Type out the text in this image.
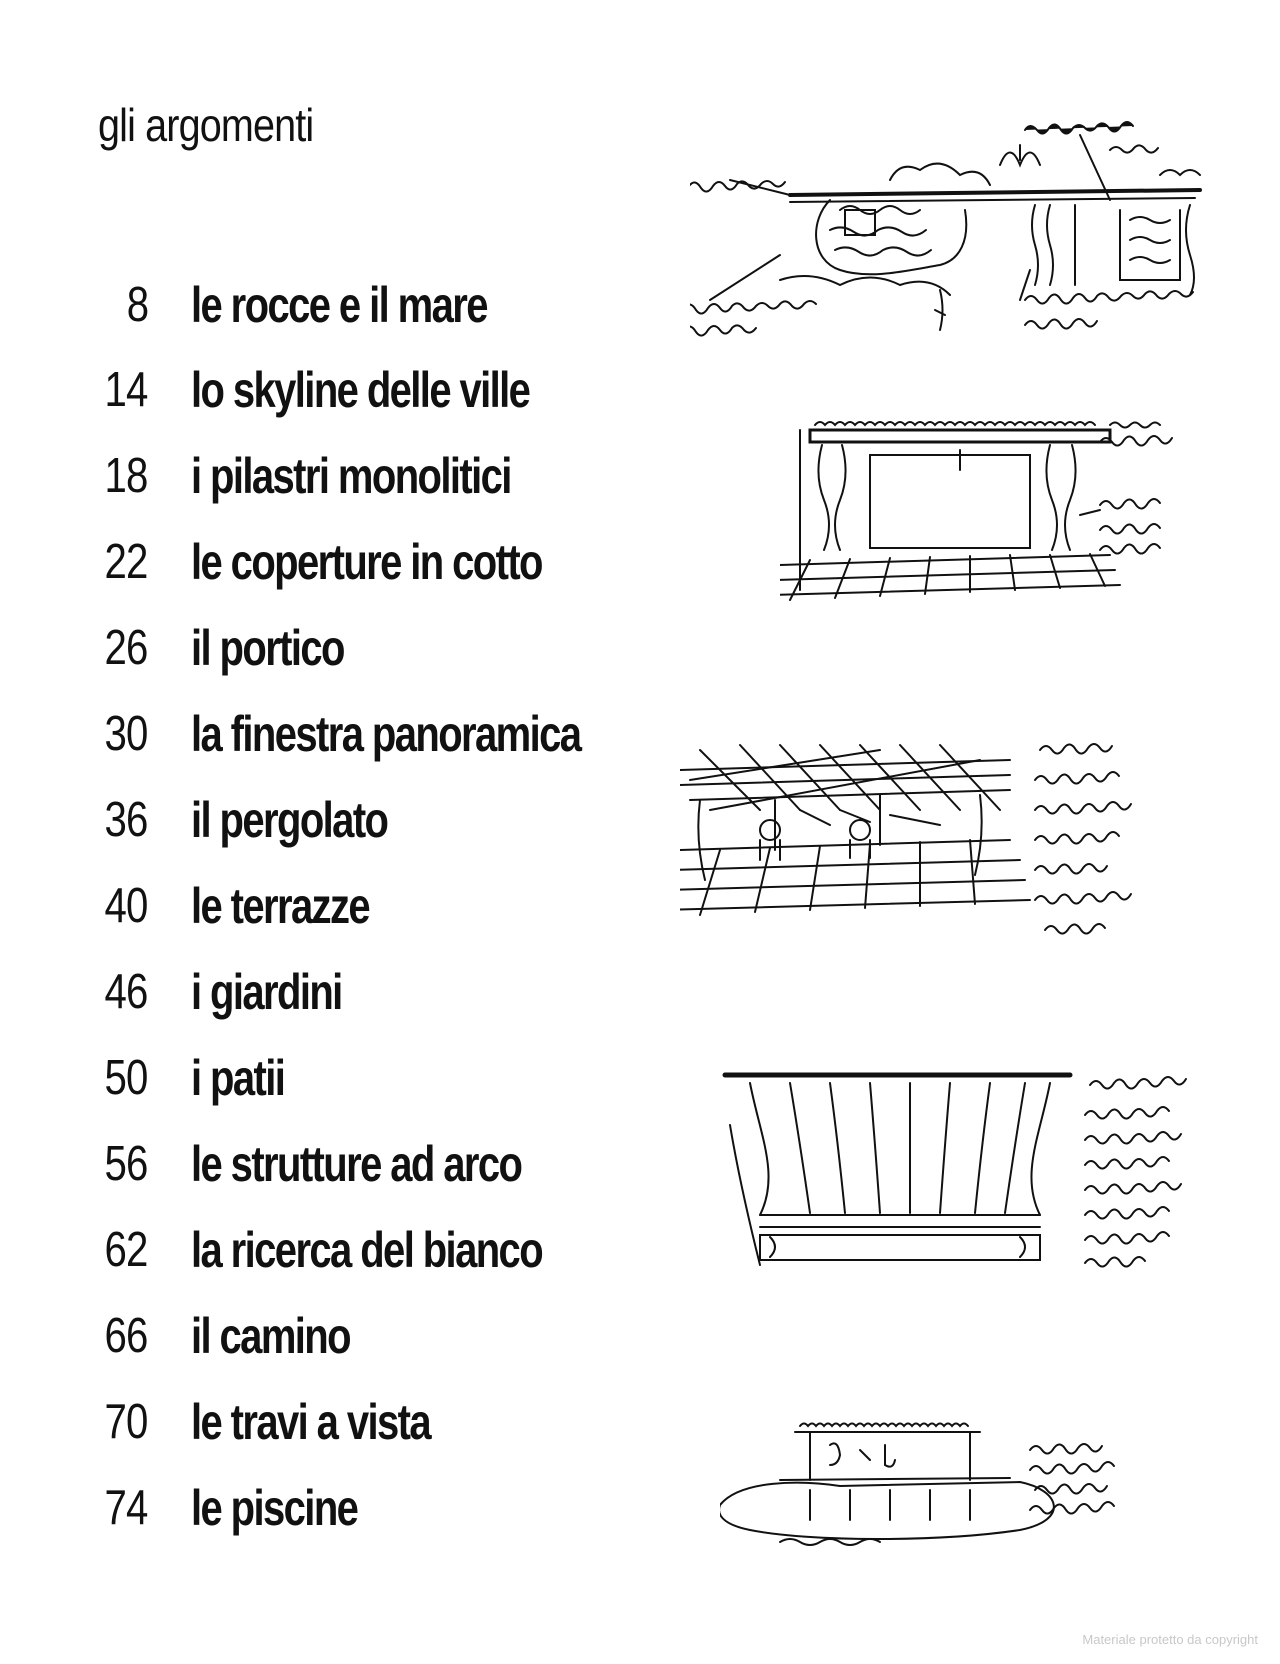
gli argomenti
8 le rocce e il mare
14 lo skyline delle ville
18 i pilastri monolitici
22 le coperture in cotto
26 il portico
30 la finestra panoramica
36 il pergolato
40 le terrazze
46 i giardini
50 i patii
56 le strutture ad arco
62 la ricerca del bianco
66 il camino
70 le travi a vista
74 le piscine
Materiale protetto da copyright
